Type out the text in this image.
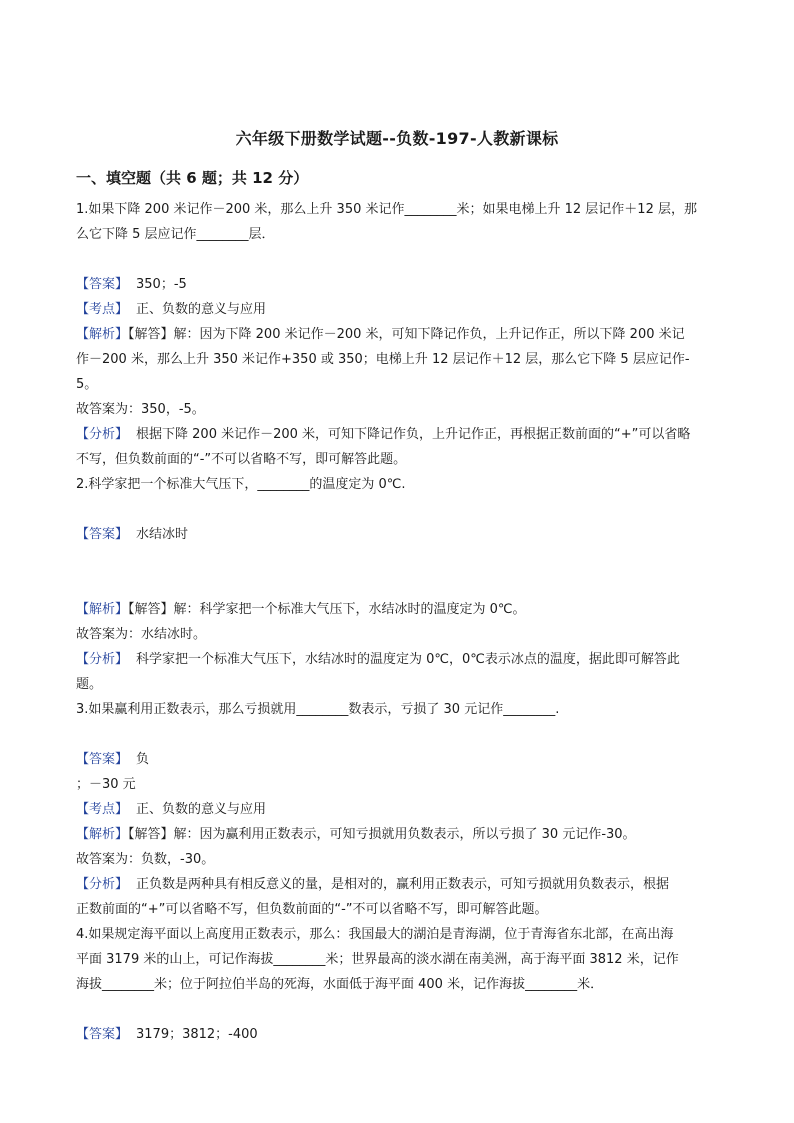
六年级下册数学试题--负数-197-人教新课标
一、填空题（共 6 题；共 12 分）
1.如果下降 200 米记作－200 米，那么上升 350 米记作________米；如果电梯上升 12 层记作＋12 层，那
么它下降 5 层应记作________层．
【答案】 350；-5
【考点】 正、负数的意义与应用
【解析】【解答】解：因为下降 200 米记作－200 米，可知下降记作负，上升记作正，所以下降 200 米记
作－200 米，那么上升 350 米记作+350 或 350；电梯上升 12 层记作＋12 层，那么它下降 5 层应记作-
5。
故答案为：350，-5。
【分析】 根据下降 200 米记作－200 米，可知下降记作负，上升记作正，再根据正数前面的“+”可以省略
不写，但负数前面的“-”不可以省略不写，即可解答此题。
2.科学家把一个标准大气压下，________的温度定为 0℃.
【答案】 水结冰时
【解析】【解答】解：科学家把一个标准大气压下，水结冰时的温度定为 0℃。
故答案为：水结冰时。
【分析】 科学家把一个标准大气压下，水结冰时的温度定为 0℃，0℃表示冰点的温度，据此即可解答此
题。
3.如果赢利用正数表示，那么亏损就用________数表示，亏损了 30 元记作________.
【答案】 负
；－30 元
【考点】 正、负数的意义与应用
【解析】【解答】解：因为赢利用正数表示，可知亏损就用负数表示，所以亏损了 30 元记作-30。
故答案为：负数，-30。
【分析】 正负数是两种具有相反意义的量，是相对的，赢利用正数表示，可知亏损就用负数表示，根据
正数前面的“+”可以省略不写，但负数前面的“-”不可以省略不写，即可解答此题。
4.如果规定海平面以上高度用正数表示，那么：我国最大的湖泊是青海湖，位于青海省东北部，在高出海
平面 3179 米的山上，可记作海拔________米；世界最高的淡水湖在南美洲，高于海平面 3812 米，记作
海拔________米；位于阿拉伯半岛的死海，水面低于海平面 400 米，记作海拔________米．
【答案】 3179；3812；-400
